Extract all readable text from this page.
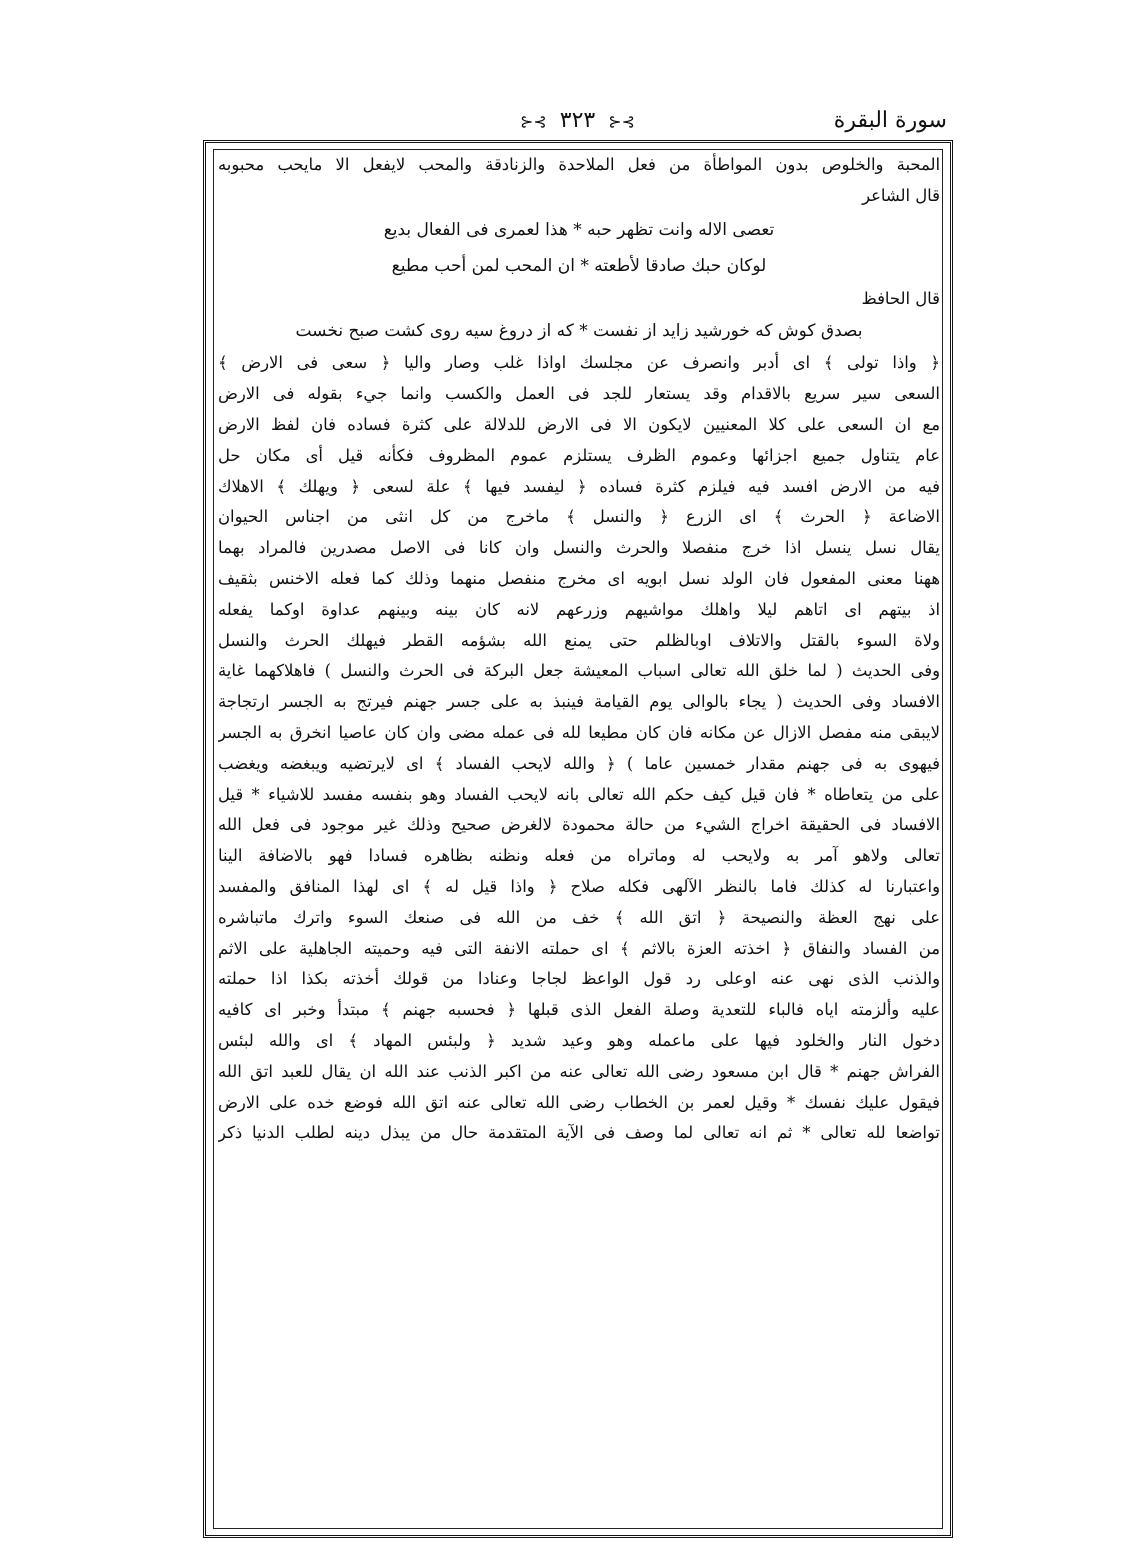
سورة البقرة
⊱⊰ ٣٢٣ ⊱⊰
المحبة والخلوص بدون المواطأة من فعل الملاحدة والزنادقة والمحب لايفعل الا مايحب محبوبه
قال الشاعر
تعصى الاله وانت تظهر حبه * هذا لعمرى فى الفعال بديع
لوكان حبك صادقا لأطعته * ان المحب لمن أحب مطيع
قال الحافظ
بصدق كوش كه خورشيد زايد از نفست * كه از دروغ سيه روى كشت صبح نخست
﴿ واذا تولى ﴾ اى أدبر وانصرف عن مجلسك اواذا غلب وصار واليا ﴿ سعى فى الارض ﴾
السعى سير سريع بالاقدام وقد يستعار للجد فى العمل والكسب وانما جيء بقوله فى الارض
مع ان السعى على كلا المعنيين لايكون الا فى الارض للدلالة على كثرة فساده فان لفظ الارض
عام يتناول جميع اجزائها وعموم الظرف يستلزم عموم المظروف فكأنه قيل أى مكان حل
فيه من الارض افسد فيه فيلزم كثرة فساده ﴿ ليفسد فيها ﴾ علة لسعى ﴿ ويهلك ﴾ الاهلاك
الاضاعة ﴿ الحرث ﴾ اى الزرع ﴿ والنسل ﴾ ماخرج من كل انثى من اجناس الحيوان
يقال نسل ينسل اذا خرج منفصلا والحرث والنسل وان كانا فى الاصل مصدرين فالمراد بهما
ههنا معنى المفعول فان الولد نسل ابويه اى مخرج منفصل منهما وذلك كما فعله الاخنس بثقيف
اذ بيتهم اى اتاهم ليلا واهلك مواشيهم وزرعهم لانه كان بينه وبينهم عداوة اوكما يفعله
ولاة السوء بالقتل والاتلاف اوبالظلم حتى يمنع الله بشؤمه القطر فيهلك الحرث والنسل
وفى الحديث ( لما خلق الله تعالى اسباب المعيشة جعل البركة فى الحرث والنسل ) فاهلاكهما غاية
الافساد وفى الحديث ( يجاء بالوالى يوم القيامة فينبذ به على جسر جهنم فيرتج به الجسر ارتجاجة
لايبقى منه مفصل الازال عن مكانه فان كان مطيعا لله فى عمله مضى وان كان عاصيا انخرق به الجسر
فيهوى به فى جهنم مقدار خمسين عاما ) ﴿ والله لايحب الفساد ﴾ اى لايرتضيه ويبغضه ويغضب
على من يتعاطاه * فان قيل كيف حكم الله تعالى بانه لايحب الفساد وهو بنفسه مفسد للاشياء * قيل
الافساد فى الحقيقة اخراج الشيء من حالة محمودة لالغرض صحيح وذلك غير موجود فى فعل الله
تعالى ولاهو آمر به ولايحب له وماتراه من فعله ونظنه بظاهره فسادا فهو بالاضافة الينا
واعتبارنا له كذلك فاما بالنظر الآلهى فكله صلاح ﴿ واذا قيل له ﴾ اى لهذا المنافق والمفسد
على نهج العظة والنصيحة ﴿ اتق الله ﴾ خف من الله فى صنعك السوء واترك ماتباشره
من الفساد والنفاق ﴿ اخذته العزة بالاثم ﴾ اى حملته الانفة التى فيه وحميته الجاهلية على الاثم
والذنب الذى نهى عنه اوعلى رد قول الواعظ لجاجا وعنادا من قولك أخذته بكذا اذا حملته
عليه وألزمته اياه فالباء للتعدية وصلة الفعل الذى قبلها ﴿ فحسبه جهنم ﴾ مبتدأ وخبر اى كافيه
دخول النار والخلود فيها على ماعمله وهو وعيد شديد ﴿ ولبئس المهاد ﴾ اى والله لبئس
الفراش جهنم * قال ابن مسعود رضى الله تعالى عنه من اكبر الذنب عند الله ان يقال للعبد اتق الله
فيقول عليك نفسك * وقيل لعمر بن الخطاب رضى الله تعالى عنه اتق الله فوضع خده على الارض
تواضعا لله تعالى * ثم انه تعالى لما وصف فى الآية المتقدمة حال من يبذل دينه لطلب الدنيا ذكر
